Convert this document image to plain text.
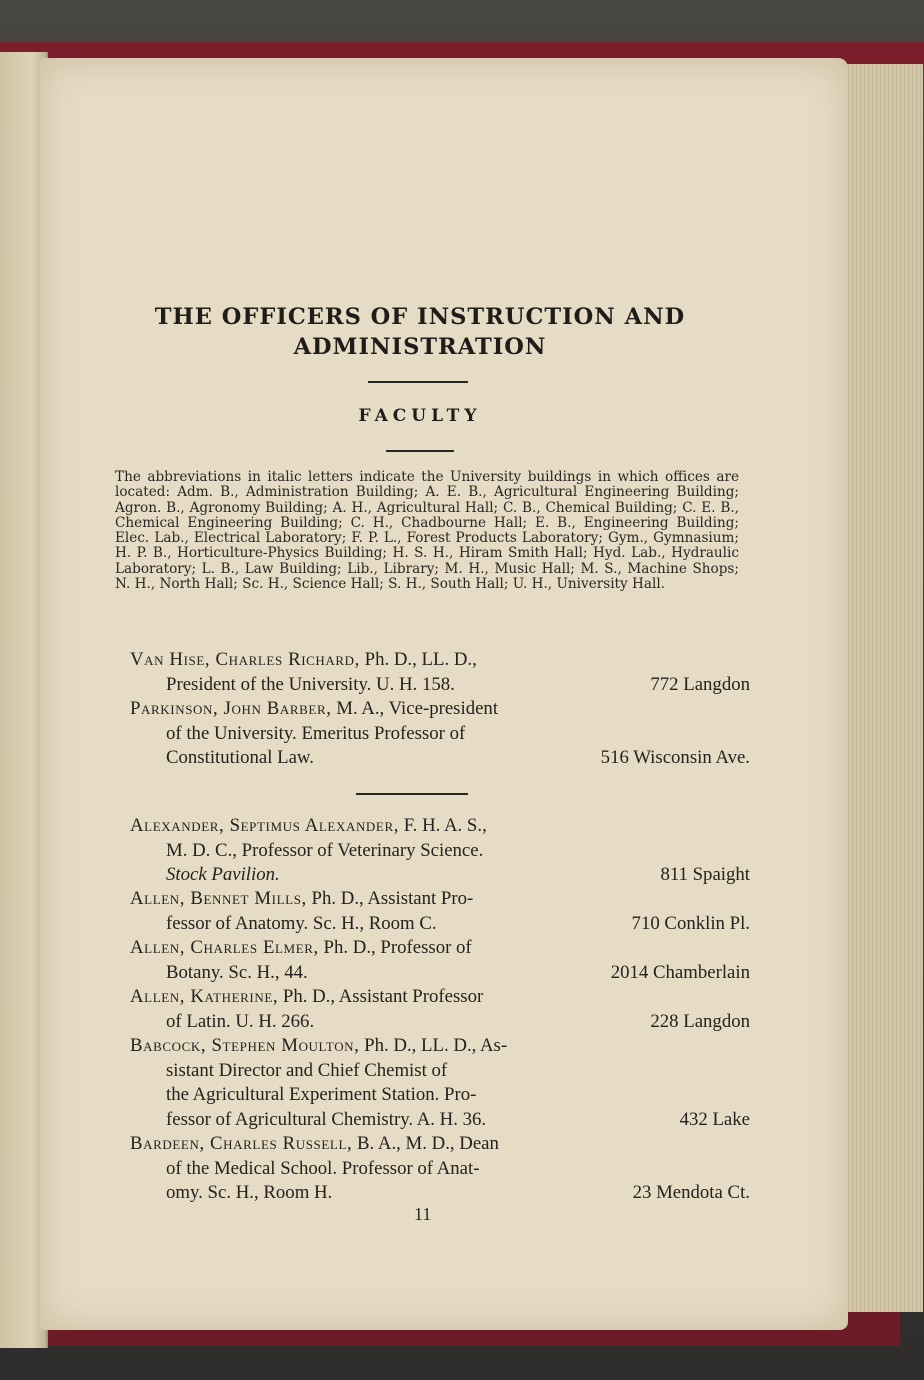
THE OFFICERS OF INSTRUCTION AND
ADMINISTRATION
FACULTY
The abbreviations in italic letters indicate the University buildings in which offices are located: Adm. B., Administration Building; A. E. B., Agricultural Engineering Building; Agron. B., Agronomy Building; A. H., Agricultural Hall; C. B., Chemical Building; C. E. B., Chemical Engineering Building; C. H., Chadbourne Hall; E. B., Engineering Building; Elec. Lab., Electrical Laboratory; F. P. L., Forest Products Laboratory; Gym., Gymnasium; H. P. B., Horticulture-Physics Building; H. S. H., Hiram Smith Hall; Hyd. Lab., Hydraulic Laboratory; L. B., Law Building; Lib., Library; M. H., Music Hall; M. S., Machine Shops; N. H., North Hall; Sc. H., Science Hall; S. H., South Hall; U. H., University Hall.
Van Hise, Charles Richard, Ph. D., LL. D.,
President of the University. U. H. 158.	772 Langdon
Parkinson, John Barber, M. A., Vice-president
of the University. Emeritus Professor of
Constitutional Law.	516 Wisconsin Ave.
Alexander, Septimus Alexander, F. H. A. S.,
M. D. C., Professor of Veterinary Science.
Stock Pavilion.	811 Spaight
Allen, Bennet Mills, Ph. D., Assistant Pro-
fessor of Anatomy. Sc. H., Room C.	710 Conklin Pl.
Allen, Charles Elmer, Ph. D., Professor of
Botany. Sc. H., 44.	2014 Chamberlain
Allen, Katherine, Ph. D., Assistant Professor
of Latin. U. H. 266.	228 Langdon
Babcock, Stephen Moulton, Ph. D., LL. D., As-
sistant Director and Chief Chemist of
the Agricultural Experiment Station. Pro-
fessor of Agricultural Chemistry. A. H. 36.	432 Lake
Bardeen, Charles Russell, B. A., M. D., Dean
of the Medical School. Professor of Anat-
omy. Sc. H., Room H.	23 Mendota Ct.
11
